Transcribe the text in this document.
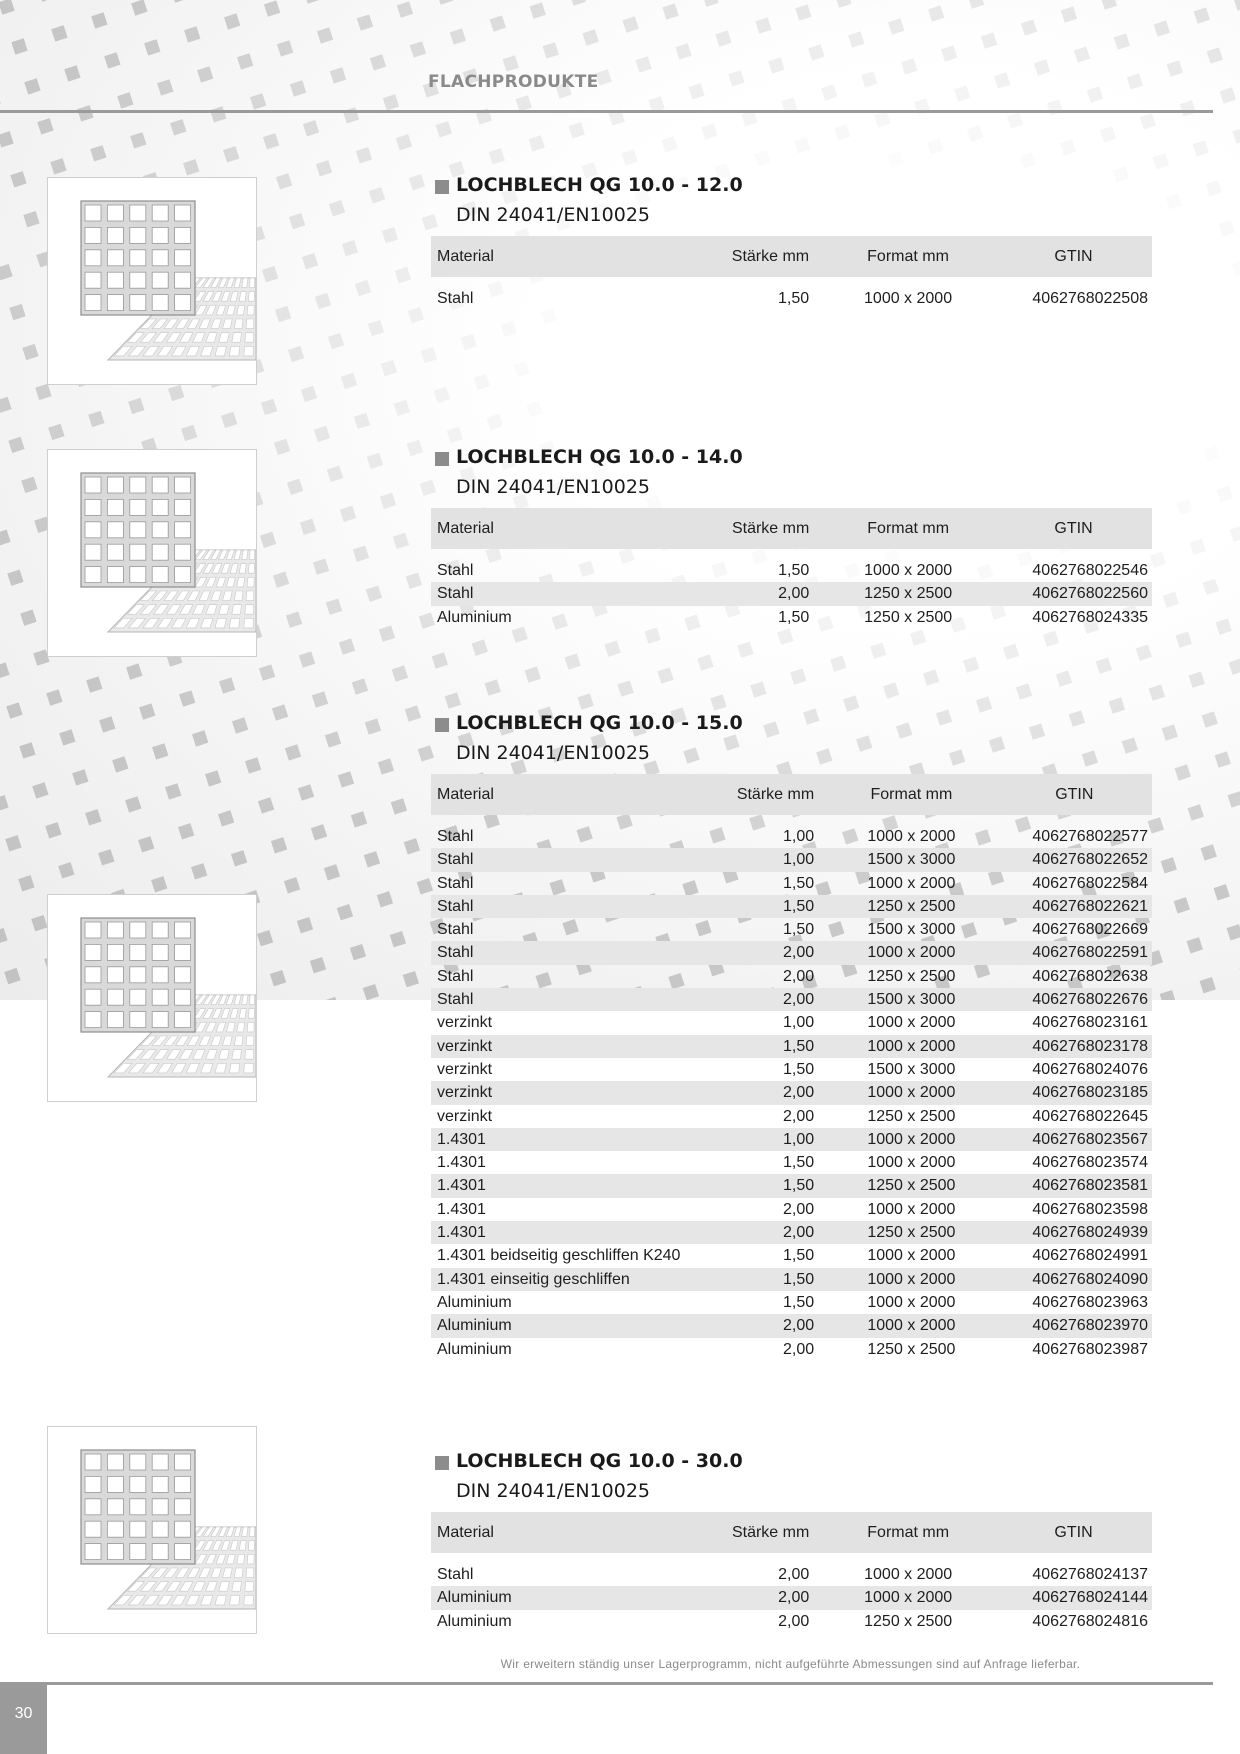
FLACHPRODUKTE
LOCHBLECH QG 10.0 - 12.0
DIN 24041/EN10025
Material	Stärke mm	Format mm	GTIN

Stahl	1,50	1000 x 2000	4062768022508
LOCHBLECH QG 10.0 - 14.0
DIN 24041/EN10025
Material	Stärke mm	Format mm	GTIN

Stahl	1,50	1000 x 2000	4062768022546
Stahl	2,00	1250 x 2500	4062768022560
Aluminium	1,50	1250 x 2500	4062768024335
LOCHBLECH QG 10.0 - 15.0
DIN 24041/EN10025
Material	Stärke mm	Format mm	GTIN

Stahl	1,00	1000 x 2000	4062768022577
Stahl	1,00	1500 x 3000	4062768022652
Stahl	1,50	1000 x 2000	4062768022584
Stahl	1,50	1250 x 2500	4062768022621
Stahl	1,50	1500 x 3000	4062768022669
Stahl	2,00	1000 x 2000	4062768022591
Stahl	2,00	1250 x 2500	4062768022638
Stahl	2,00	1500 x 3000	4062768022676
verzinkt	1,00	1000 x 2000	4062768023161
verzinkt	1,50	1000 x 2000	4062768023178
verzinkt	1,50	1500 x 3000	4062768024076
verzinkt	2,00	1000 x 2000	4062768023185
verzinkt	2,00	1250 x 2500	4062768022645
1.4301	1,00	1000 x 2000	4062768023567
1.4301	1,50	1000 x 2000	4062768023574
1.4301	1,50	1250 x 2500	4062768023581
1.4301	2,00	1000 x 2000	4062768023598
1.4301	2,00	1250 x 2500	4062768024939
1.4301 beidseitig geschliffen K240	1,50	1000 x 2000	4062768024991
1.4301 einseitig geschliffen	1,50	1000 x 2000	4062768024090
Aluminium	1,50	1000 x 2000	4062768023963
Aluminium	2,00	1000 x 2000	4062768023970
Aluminium	2,00	1250 x 2500	4062768023987
LOCHBLECH QG 10.0 - 30.0
DIN 24041/EN10025
Material	Stärke mm	Format mm	GTIN

Stahl	2,00	1000 x 2000	4062768024137
Aluminium	2,00	1000 x 2000	4062768024144
Aluminium	2,00	1250 x 2500	4062768024816
Wir erweitern ständig unser Lagerprogramm, nicht aufgeführte Abmessungen sind auf Anfrage lieferbar.
30
